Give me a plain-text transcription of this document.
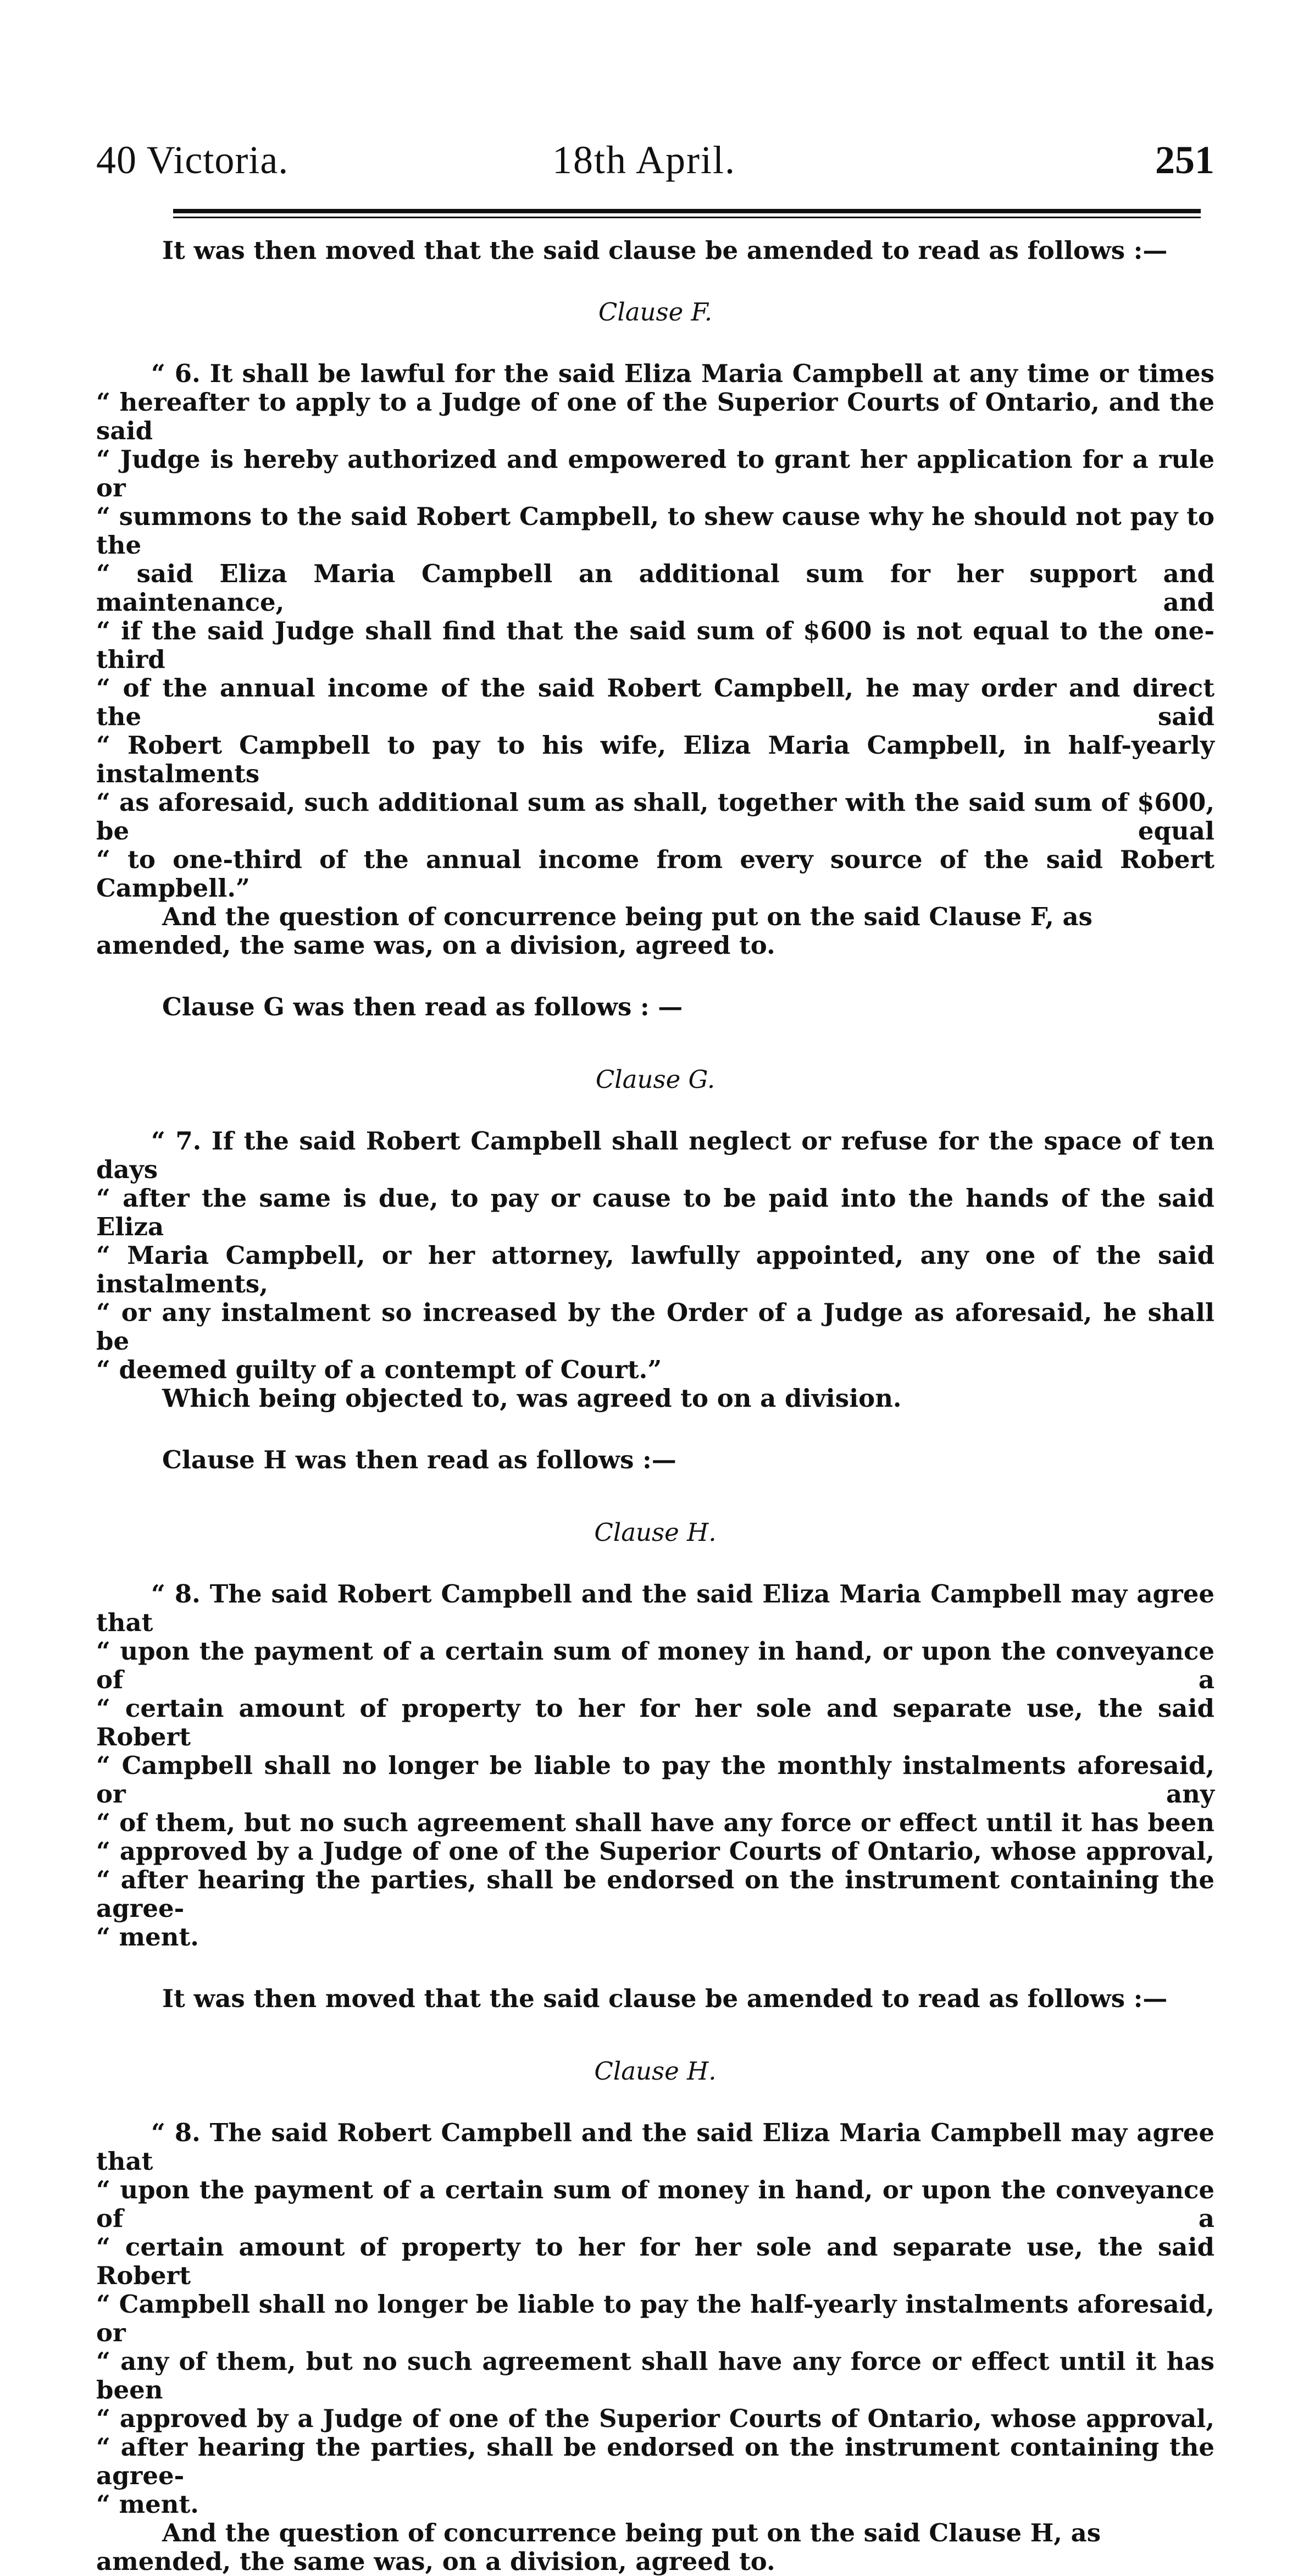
40 Victoria.	18th April.	251

It was then moved that the said clause be amended to read as follows :—

Clause F.

“ 6. It shall be lawful for the said Eliza Maria Campbell at any time or times
“ hereafter to apply to a Judge of one of the Superior Courts of Ontario, and the said
“ Judge is hereby authorized and empowered to grant her application for a rule or
“ summons to the said Robert Campbell, to shew cause why he should not pay to the
“ said Eliza Maria Campbell an additional sum for her support and maintenance, and
“ if the said Judge shall find that the said sum of $600 is not equal to the one-third
“ of the annual income of the said Robert Campbell, he may order and direct the said
“ Robert Campbell to pay to his wife, Eliza Maria Campbell, in half-yearly instalments
“ as aforesaid, such additional sum as shall, together with the said sum of $600, be equal
“ to one-third of the annual income from every source of the said Robert Campbell.”

And the question of concurrence being put on the said Clause F, as amended, the same was, on a division, agreed to.

Clause G was then read as follows : —

Clause G.

“ 7. If the said Robert Campbell shall neglect or refuse for the space of ten days
“ after the same is due, to pay or cause to be paid into the hands of the said Eliza
“ Maria Campbell, or her attorney, lawfully appointed, any one of the said instalments,
“ or any instalment so increased by the Order of a Judge as aforesaid, he shall be
“ deemed guilty of a contempt of Court.”

Which being objected to, was agreed to on a division.

Clause H was then read as follows :—

Clause H.

“ 8. The said Robert Campbell and the said Eliza Maria Campbell may agree that
“ upon the payment of a certain sum of money in hand, or upon the conveyance of a
“ certain amount of property to her for her sole and separate use, the said Robert
“ Campbell shall no longer be liable to pay the monthly instalments aforesaid, or any
“ of them, but no such agreement shall have any force or effect until it has been
“ approved by a Judge of one of the Superior Courts of Ontario, whose approval,
“ after hearing the parties, shall be endorsed on the instrument containing the agree-
“ ment.

It was then moved that the said clause be amended to read as follows :—

Clause H.

“ 8. The said Robert Campbell and the said Eliza Maria Campbell may agree that
“ upon the payment of a certain sum of money in hand, or upon the conveyance of a
“ certain amount of property to her for her sole and separate use, the said Robert
“ Campbell shall no longer be liable to pay the half-yearly instalments aforesaid, or
“ any of them, but no such agreement shall have any force or effect until it has been
“ approved by a Judge of one of the Superior Courts of Ontario, whose approval,
“ after hearing the parties, shall be endorsed on the instrument containing the agree-
“ ment.

And the question of concurrence being put on the said Clause H, as amended, the same was, on a division, agreed to.
